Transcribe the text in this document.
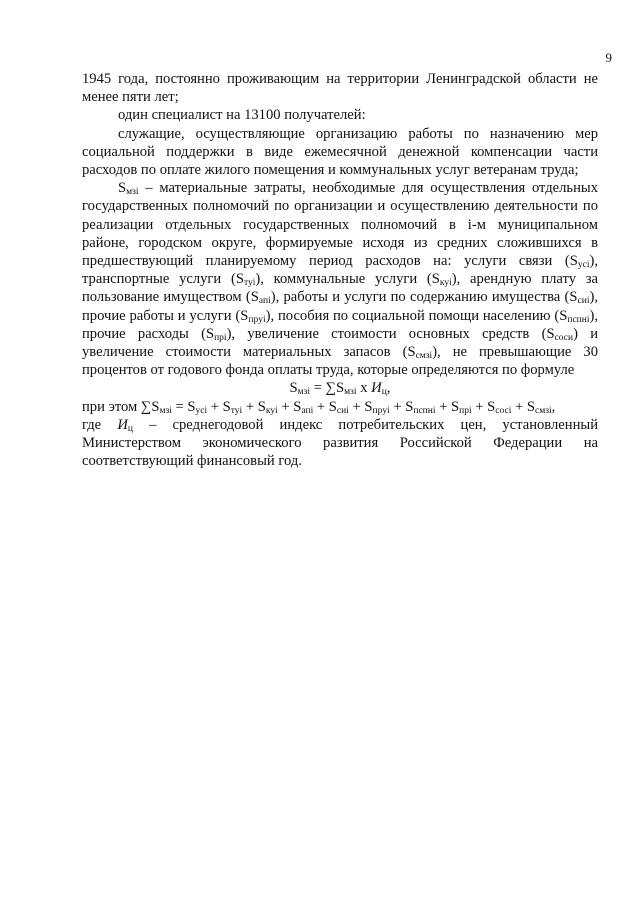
9

1945 года, постоянно проживающим на территории Ленинградской области не менее пяти лет;

один специалист на 13100 получателей:

служащие, осуществляющие организацию работы по назначению мер социальной поддержки в виде ежемесячной денежной компенсации части расходов по оплате жилого помещения и коммунальных услуг ветеранам труда;

$S_{мзi}$ – материальные затраты, необходимые для осуществления отдельных государственных полномочий по организации и осуществлению деятельности по реализации отдельных государственных полномочий в i-м муниципальном районе, городском округе, формируемые исходя из средних сложившихся в предшествующий планируемому период расходов на: услуги связи $(S_{усi})$, транспортные услуги $(S_{туi})$, коммунальные услуги $(S_{куi})$, арендную плату за пользование имуществом $(S_{апi})$, работы и услуги по содержанию имущества $(S_{сиi})$, прочие работы и услуги $(S_{прyi})$, пособия по социальной помощи населению $(S_{пспнi})$, прочие расходы $(S_{прi})$, увеличение стоимости основных средств $(S_{соси})$ и увеличение стоимости материальных запасов $(S_{смзi})$, не превышающие 30 процентов от годового фонда оплаты труда, которые определяются по формуле

$S_{мзi} = \sum S_{мзi}$ х $И_ц$,

при этом $\sum S_{мзi} = S_{усi} + S_{туi} + S_{куi} + S_{апi} + S_{сиi} + S_{прyi} + S_{пспнi} + S_{прi} + S_{сосi} + S_{смзi}$,

где $И_ц$ – среднегодовой индекс потребительских цен, установленный Министерством экономического развития Российской Федерации на соответствующий финансовый год.
